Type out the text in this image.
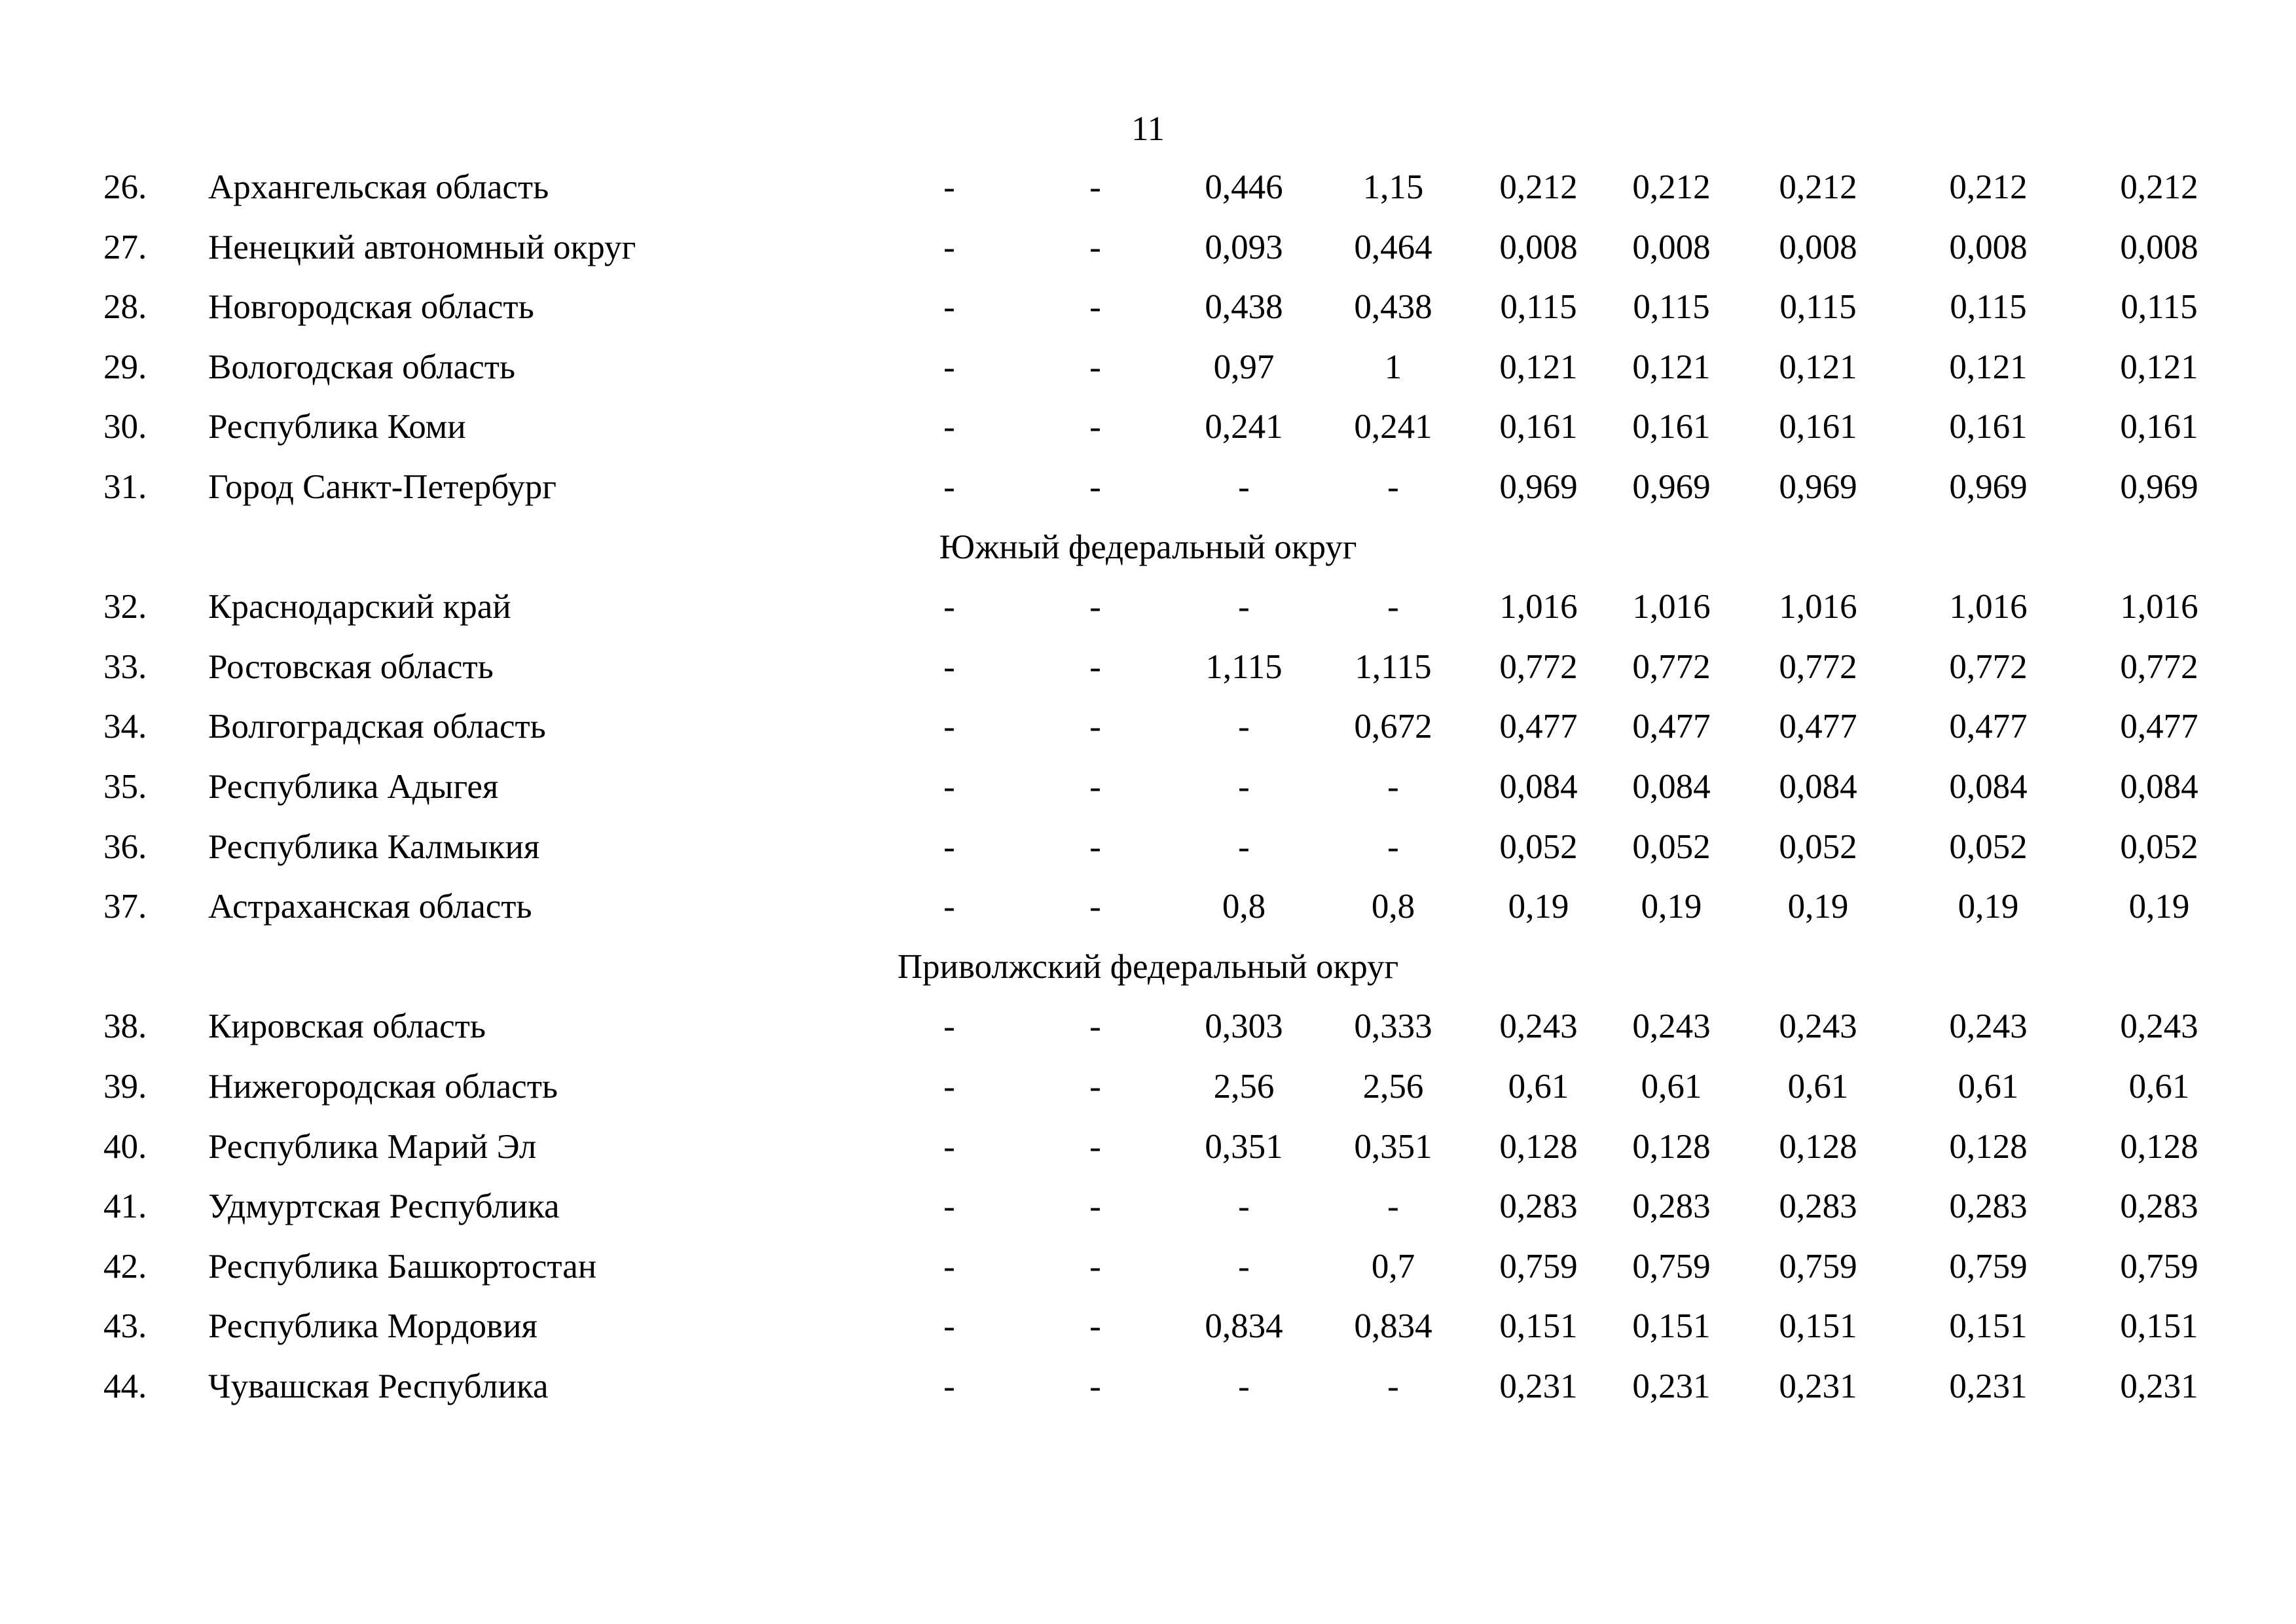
11
26. Архангельская область	-	-	0,446	1,15	0,212	0,212	0,212	0,212	0,212
27. Ненецкий автономный округ	-	-	0,093	0,464	0,008	0,008	0,008	0,008	0,008
28. Новгородская область	-	-	0,438	0,438	0,115	0,115	0,115	0,115	0,115
29. Вологодская область	-	-	0,97	1	0,121	0,121	0,121	0,121	0,121
30. Республика Коми	-	-	0,241	0,241	0,161	0,161	0,161	0,161	0,161
31. Город Санкт-Петербург	-	-	-	-	0,969	0,969	0,969	0,969	0,969
Южный федеральный округ
32. Краснодарский край	-	-	-	-	1,016	1,016	1,016	1,016	1,016
33. Ростовская область	-	-	1,115	1,115	0,772	0,772	0,772	0,772	0,772
34. Волгоградская область	-	-	-	0,672	0,477	0,477	0,477	0,477	0,477
35. Республика Адыгея	-	-	-	-	0,084	0,084	0,084	0,084	0,084
36. Республика Калмыкия	-	-	-	-	0,052	0,052	0,052	0,052	0,052
37. Астраханская область	-	-	0,8	0,8	0,19	0,19	0,19	0,19	0,19
Приволжский федеральный округ
38. Кировская область	-	-	0,303	0,333	0,243	0,243	0,243	0,243	0,243
39. Нижегородская область	-	-	2,56	2,56	0,61	0,61	0,61	0,61	0,61
40. Республика Марий Эл	-	-	0,351	0,351	0,128	0,128	0,128	0,128	0,128
41. Удмуртская Республика	-	-	-	-	0,283	0,283	0,283	0,283	0,283
42. Республика Башкортостан	-	-	-	0,7	0,759	0,759	0,759	0,759	0,759
43. Республика Мордовия	-	-	0,834	0,834	0,151	0,151	0,151	0,151	0,151
44. Чувашская Республика	-	-	-	-	0,231	0,231	0,231	0,231	0,231
